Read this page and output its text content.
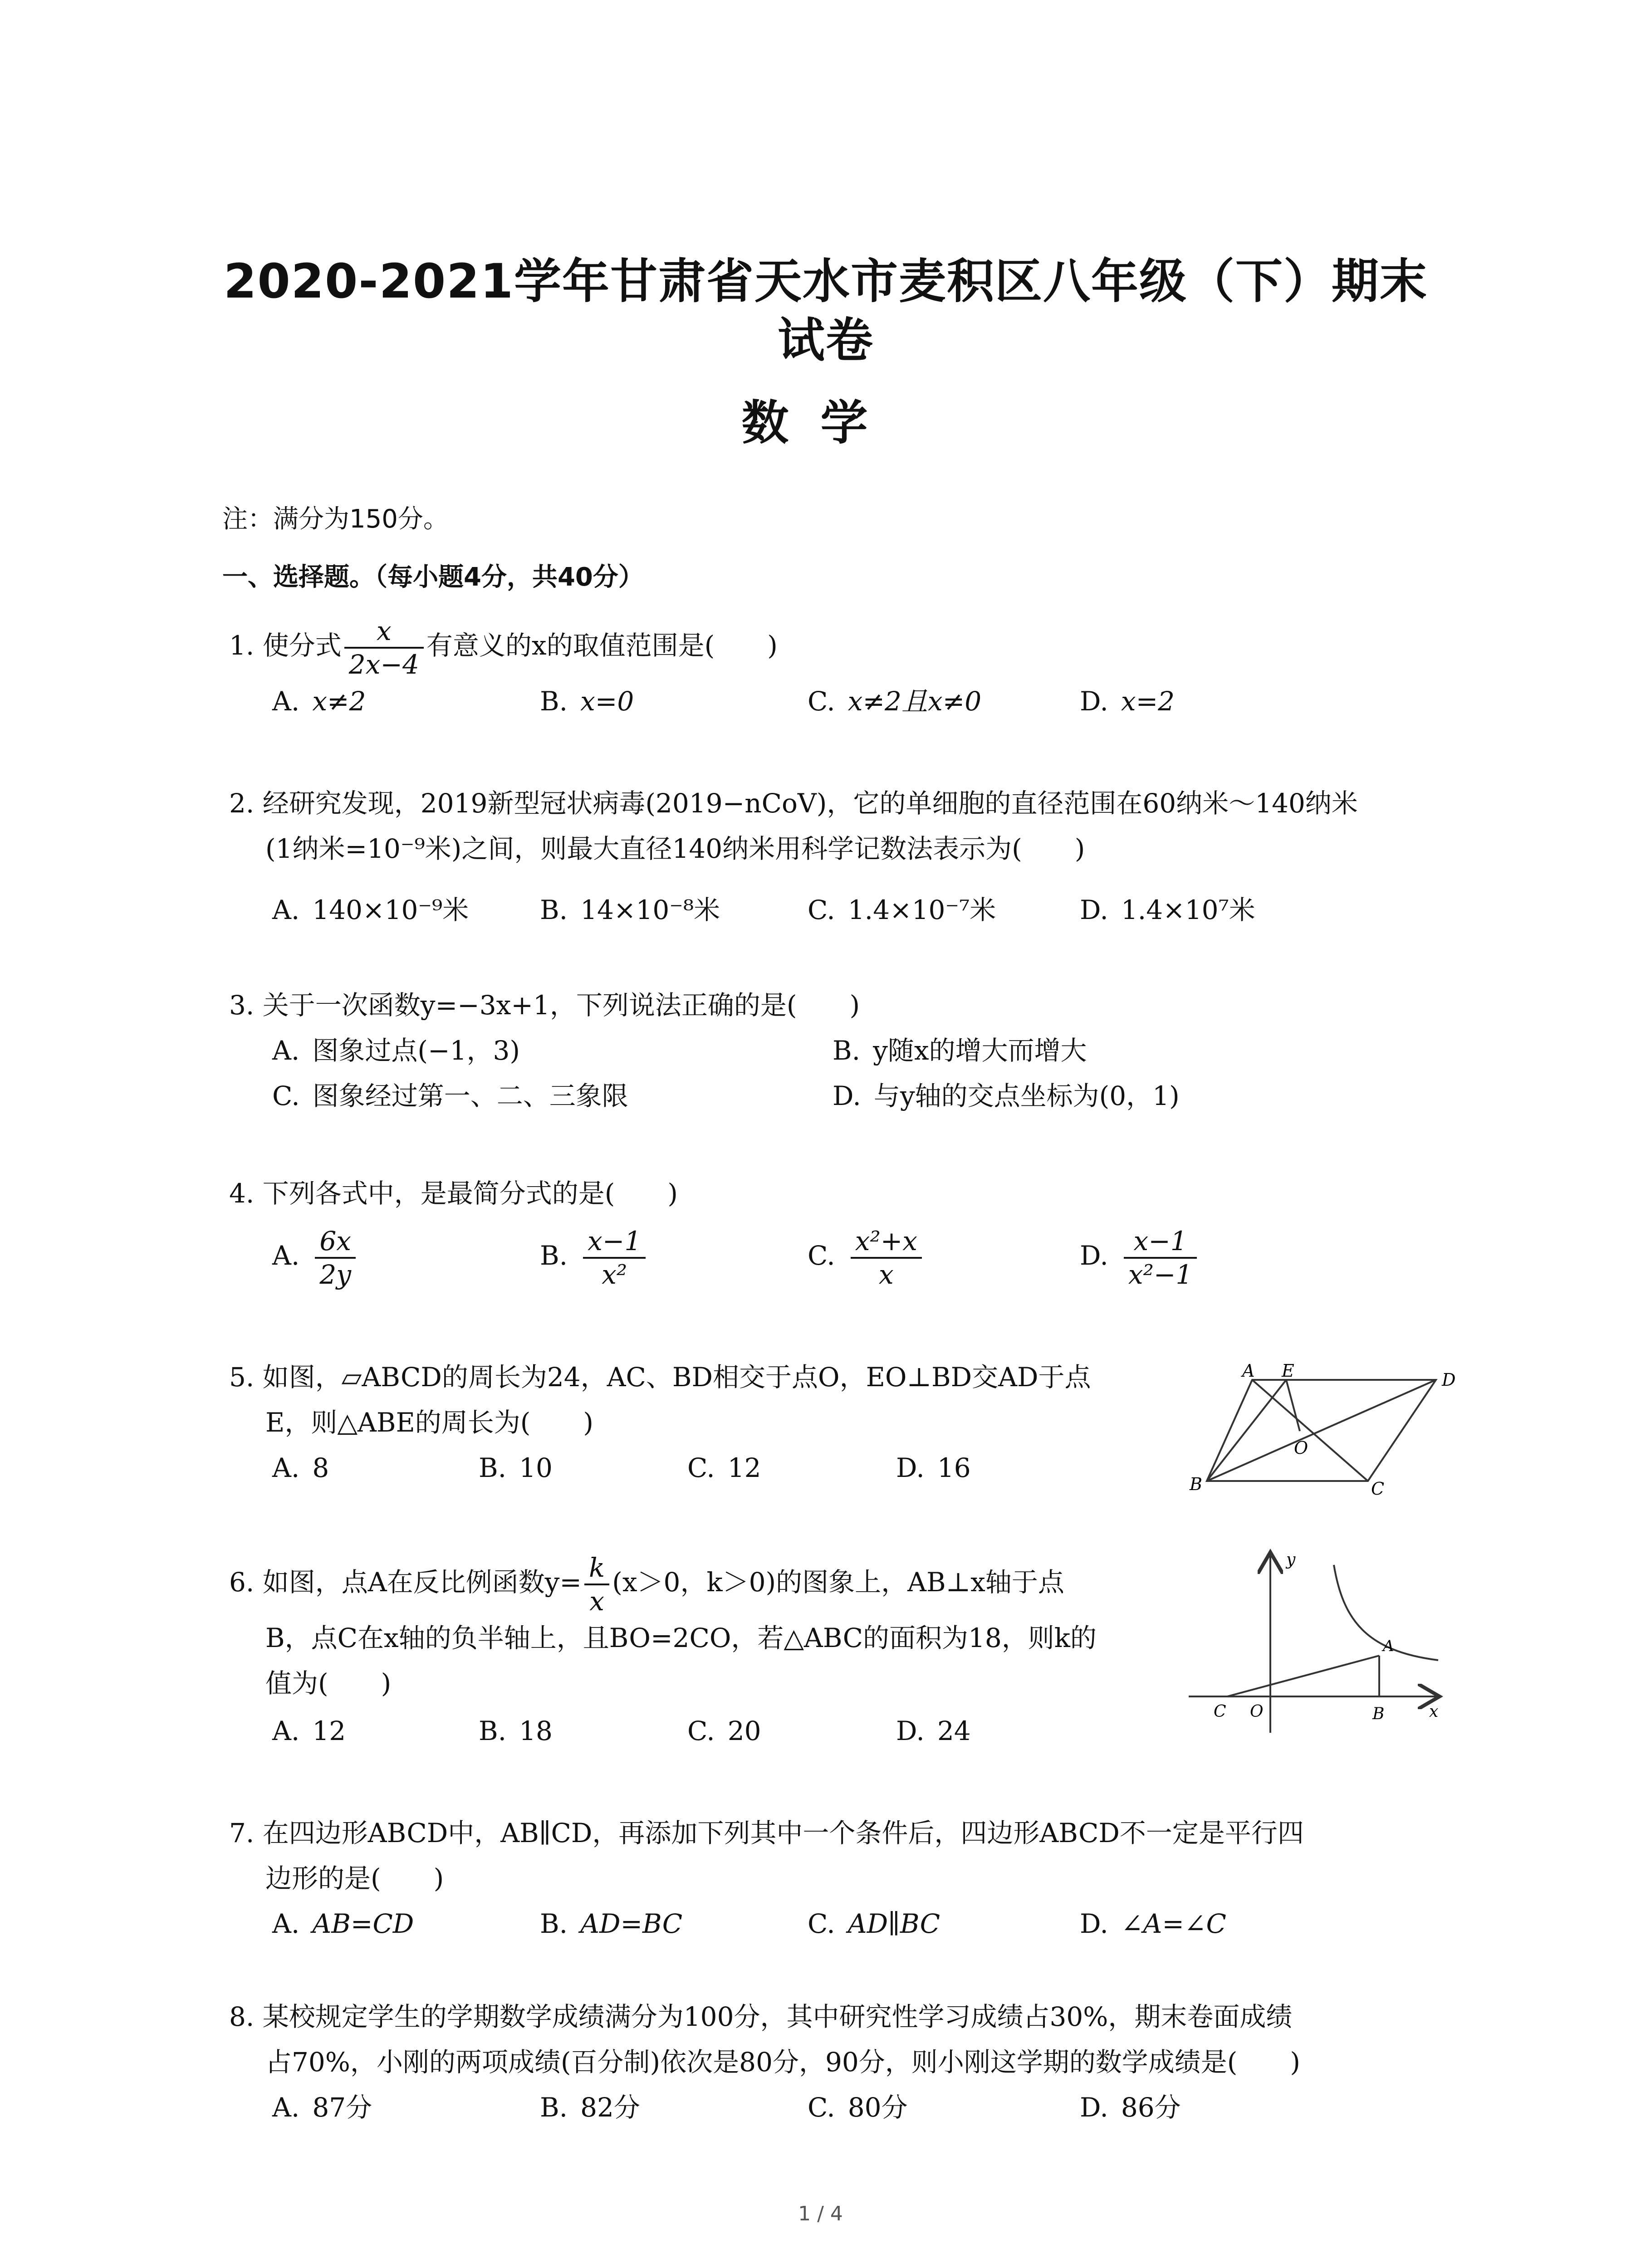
2020-2021学年甘肃省天水市麦积区八年级（下）期末
试卷
数学
注：满分为150分。
一、选择题。（每小题4分，共40分）
1. 使分式 $\frac{x}{2x-4}$ 有意义的x的取值范围是(　　)
A. x≠2	B. x=0	C. x≠2且x≠0	D. x=2
2. 经研究发现，2019新型冠状病毒(2019−nCoV)，它的单细胞的直径范围在60纳米～140纳米
(1纳米=10⁻⁹米)之间，则最大直径140纳米用科学记数法表示为(　　)
A. 140×10⁻⁹米	B. 14×10⁻⁸米	C. 1.4×10⁻⁷米	D. 1.4×10⁷米
3. 关于一次函数y=−3x+1，下列说法正确的是(　　)
A. 图象过点(−1，3)	B. y随x的增大而增大
C. 图象经过第一、二、三象限	D. 与y轴的交点坐标为(0，1)
4. 下列各式中，是最简分式的是(　　)
A. $\frac{6x}{2y}$	B. $\frac{x-1}{\text{x²}}$	C. $\frac{\text{x²+x}}{x}$	D. $\frac{x-1}{\text{x²−1}}$
5. 如图，▱ABCD的周长为24，AC、BD相交于点O，EO⊥BD交AD于点
E，则△ABE的周长为(　　)
A. 8	B. 10	C. 12	D. 16
A E	D
O
B	C
6. 如图，点A在反比例函数$y= \frac{k}{x} (x>0$，k＞0)的图象上，AB⊥x轴于点
B，点C在x轴的负半轴上，且BO=2CO，若△ABC的面积为18，则k的
值为(　　)
A. 12	B. 18	C. 20	D. 24
y
x
A
B
C O
7. 在四边形ABCD中，AB∥CD，再添加下列其中一个条件后，四边形ABCD不一定是平行四
边形的是(　　)
A. AB=CD	B. AD=BC	C. AD∥BC	D. ∠A=∠C
8. 某校规定学生的学期数学成绩满分为100分，其中研究性学习成绩占30%，期末卷面成绩
占70%，小刚的两项成绩(百分制)依次是80分，90分，则小刚这学期的数学成绩是(　　)
A. 87分	B. 82分	C. 80分	D. 86分
1 / 4
